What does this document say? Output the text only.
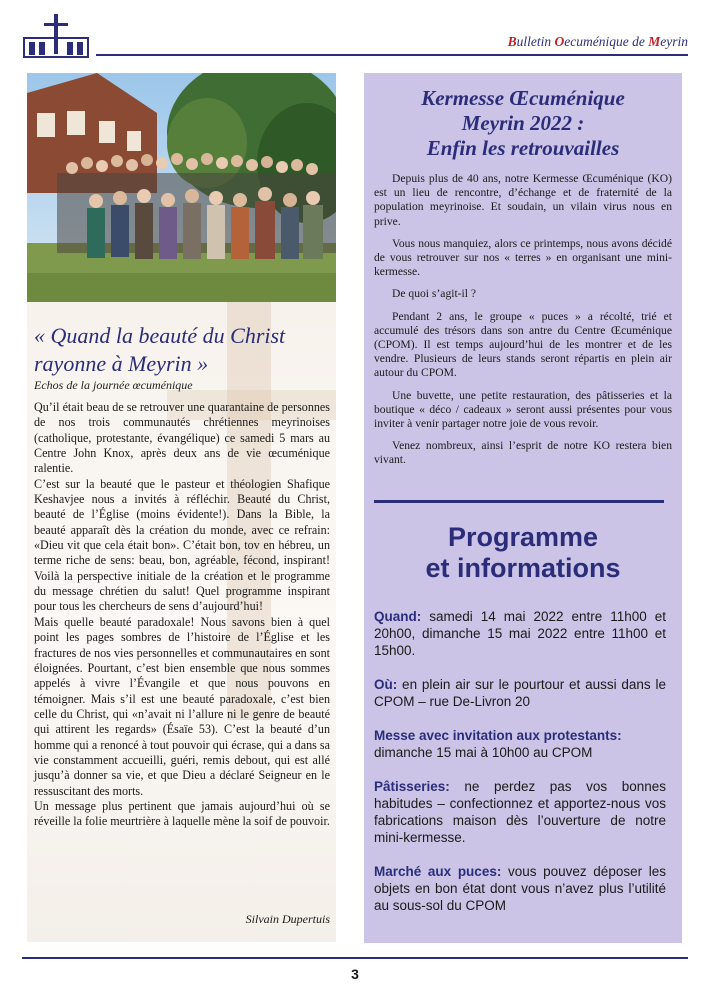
Bulletin Oecuménique de Meyrin
« Quand la beauté du Christ
rayonne à Meyrin »
Echos de la journée œcuménique

Qu’il était beau de se retrouver une quarantaine de personnes de nos trois communautés chrétiennes meyrinoises (catholique, protestante, évangélique) ce samedi 5 mars au Centre John Knox, après deux ans de vie œcuménique ralentie.

C’est sur la beauté que le pasteur et théologien Shafique Keshavjee nous a invités à réfléchir. Beauté du Christ, beauté de l’Église (moins évidente!). Dans la Bible, la beauté apparaît dès la création du monde, avec ce refrain: «Dieu vit que cela était bon». C’était bon, tov en hébreu, un terme riche de sens: beau, bon, agréable, fécond, inspirant! Voilà la perspective initiale de la création et le programme du message chrétien du salut! Quel programme inspirant pour tous les chercheurs de sens d’aujourd’hui!

Mais quelle beauté paradoxale! Nous savons bien à quel point les pages sombres de l’histoire de l’Église et les fractures de nos vies personnelles et communautaires en sont éloignées. Pourtant, c’est bien ensemble que nous sommes appelés à vivre l’Évangile et que nous pouvons en témoigner. Mais s’il est une beauté paradoxale, c’est bien celle du Christ, qui «n’avait ni l’allure ni le genre de beauté qui attirent les regards» (Ésaïe 53). C’est la beauté d’un homme qui a renoncé à tout pouvoir qui écrase, qui a dans sa vie constamment accueilli, guéri, remis debout, qui est allé jusqu’à donner sa vie, et que Dieu a déclaré Seigneur en le ressuscitant des morts.

Un message plus pertinent que jamais aujourd’hui où se réveille la folie meurtrière à laquelle mène la soif de pouvoir.

Silvain Dupertuis
Kermesse Œcuménique
Meyrin 2022 :
Enfin les retrouvailles

Depuis plus de 40 ans, notre Kermesse Œcuménique (KO) est un lieu de rencontre, d’échange et de fraternité de la population meyrinoise. Et soudain, un vilain virus nous en prive.

Vous nous manquiez, alors ce printemps, nous avons décidé de vous retrouver sur nos « terres » en organisant une mini-kermesse.

De quoi s’agit-il ?

Pendant 2 ans, le groupe « puces » a récolté, trié et accumulé des trésors dans son antre du Centre Œcuménique (CPOM). Il est temps aujourd’hui de les montrer et de les vendre. Plusieurs de leurs stands seront répartis en plein air autour du CPOM.

Une buvette, une petite restauration, des pâtisseries et la boutique « déco / cadeaux » seront aussi présentes pour vous inviter à venir partager notre joie de vous revoir.

Venez nombreux, ainsi l’esprit de notre KO restera bien vivant.

Programme
et informations

Quand: samedi 14 mai 2022 entre 11h00 et 20h00, dimanche 15 mai 2022 entre 11h00 et 15h00.

Où: en plein air sur le pourtour et aussi dans le CPOM – rue De-Livron 20

Messe avec invitation aux protestants:
dimanche 15 mai à 10h00 au CPOM

Pâtisseries: ne perdez pas vos bonnes habitudes – confectionnez et apportez-nous vos fabrications maison dès l’ouverture de notre mini-kermesse.

Marché aux puces: vous pouvez déposer les objets en bon état dont vous n’avez plus l’utilité au sous-sol du CPOM

3
